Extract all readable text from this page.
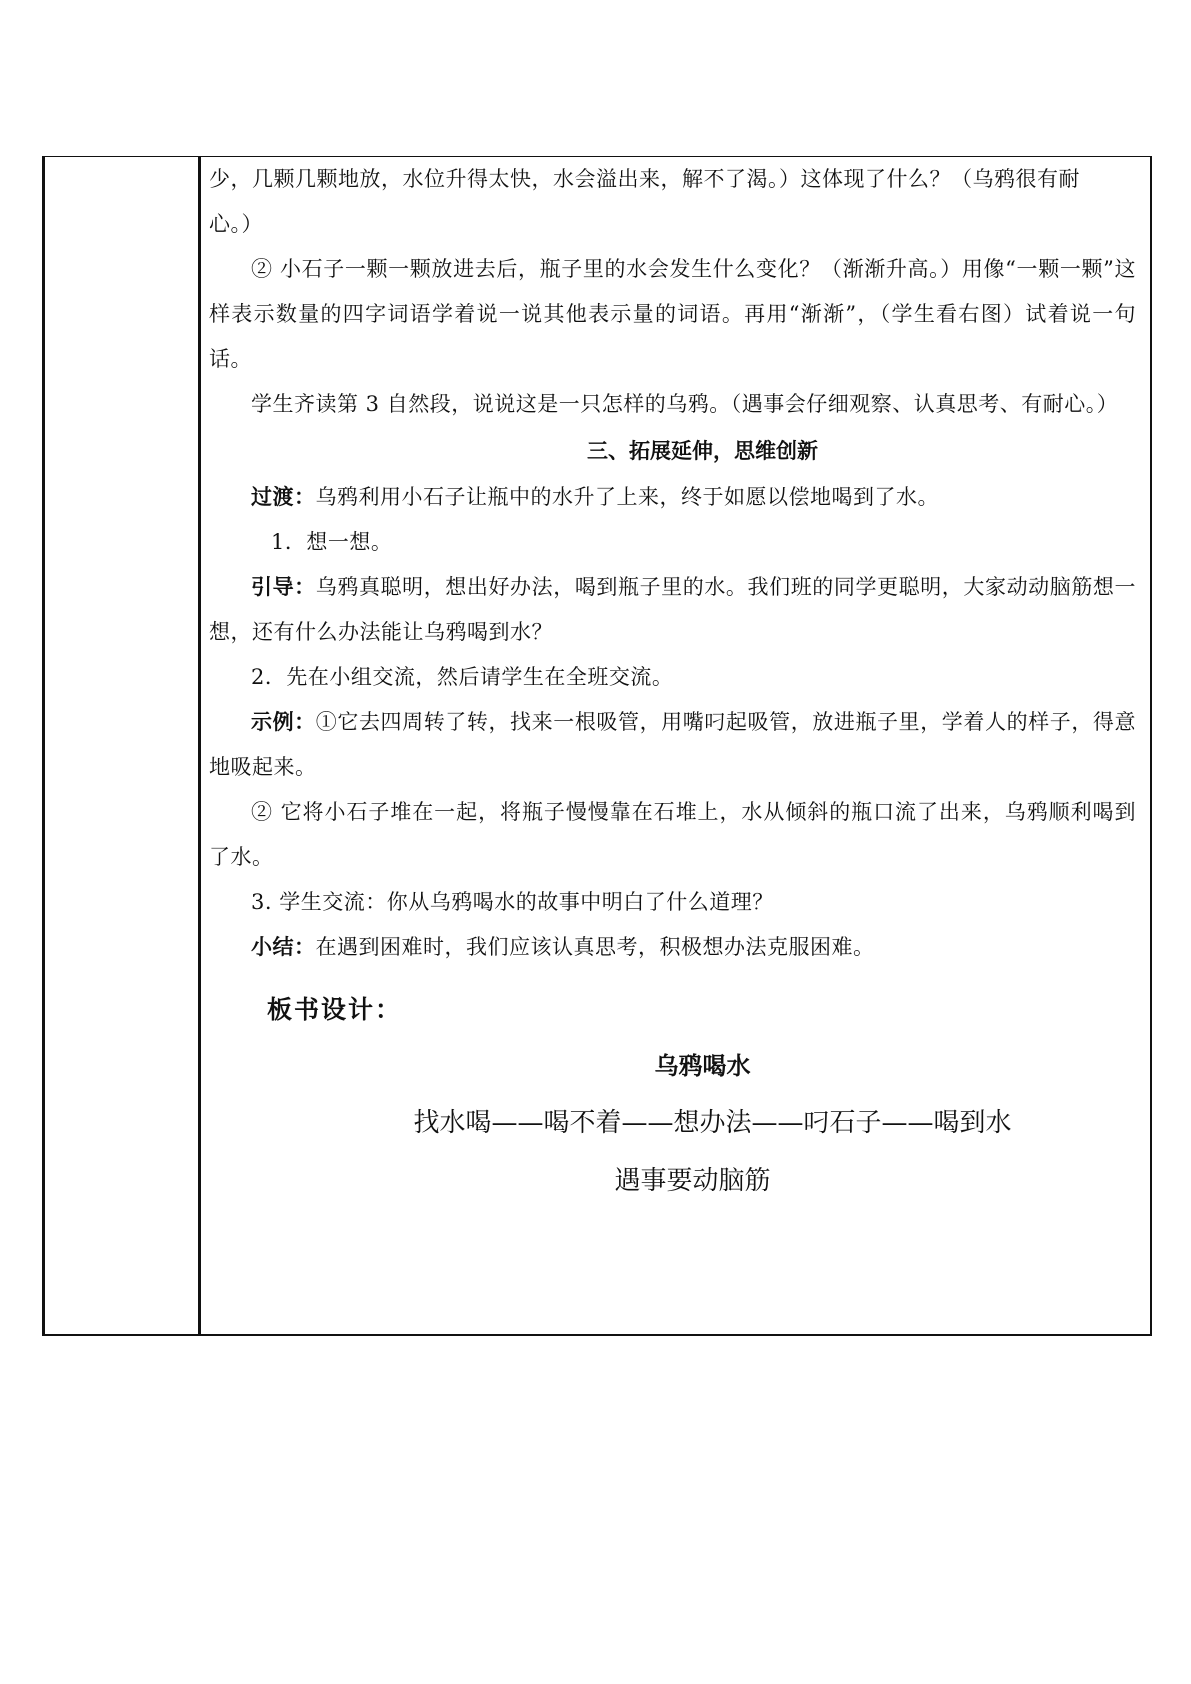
少，几颗几颗地放，水位升得太快，水会溢出来，解不了渴。）这体现了什么？（乌鸦很有耐

心。）

② 小石子一颗一颗放进去后，瓶子里的水会发生什么变化？（渐渐升高。）用像“一颗一颗”这样表示数量的四字词语学着说一说其他表示量的词语。再用“渐渐”，（学生看右图）试着说一句话。

学生齐读第 3 自然段，说说这是一只怎样的乌鸦。（遇事会仔细观察、认真思考、有耐心。）

三、拓展延伸，思维创新

过渡：乌鸦利用小石子让瓶中的水升了上来，终于如愿以偿地喝到了水。

1．想一想。

引导：乌鸦真聪明，想出好办法，喝到瓶子里的水。我们班的同学更聪明，大家动动脑筋想一想，还有什么办法能让乌鸦喝到水？

2．先在小组交流，然后请学生在全班交流。

示例：①它去四周转了转，找来一根吸管，用嘴叼起吸管，放进瓶子里，学着人的样子，得意地吸起来。

② 它将小石子堆在一起，将瓶子慢慢靠在石堆上，水从倾斜的瓶口流了出来，乌鸦顺利喝到了水。

3. 学生交流：你从乌鸦喝水的故事中明白了什么道理？

小结：在遇到困难时，我们应该认真思考，积极想办法克服困难。

板书设计：

乌鸦喝水

找水喝——喝不着——想办法——叼石子——喝到水

遇事要动脑筋
